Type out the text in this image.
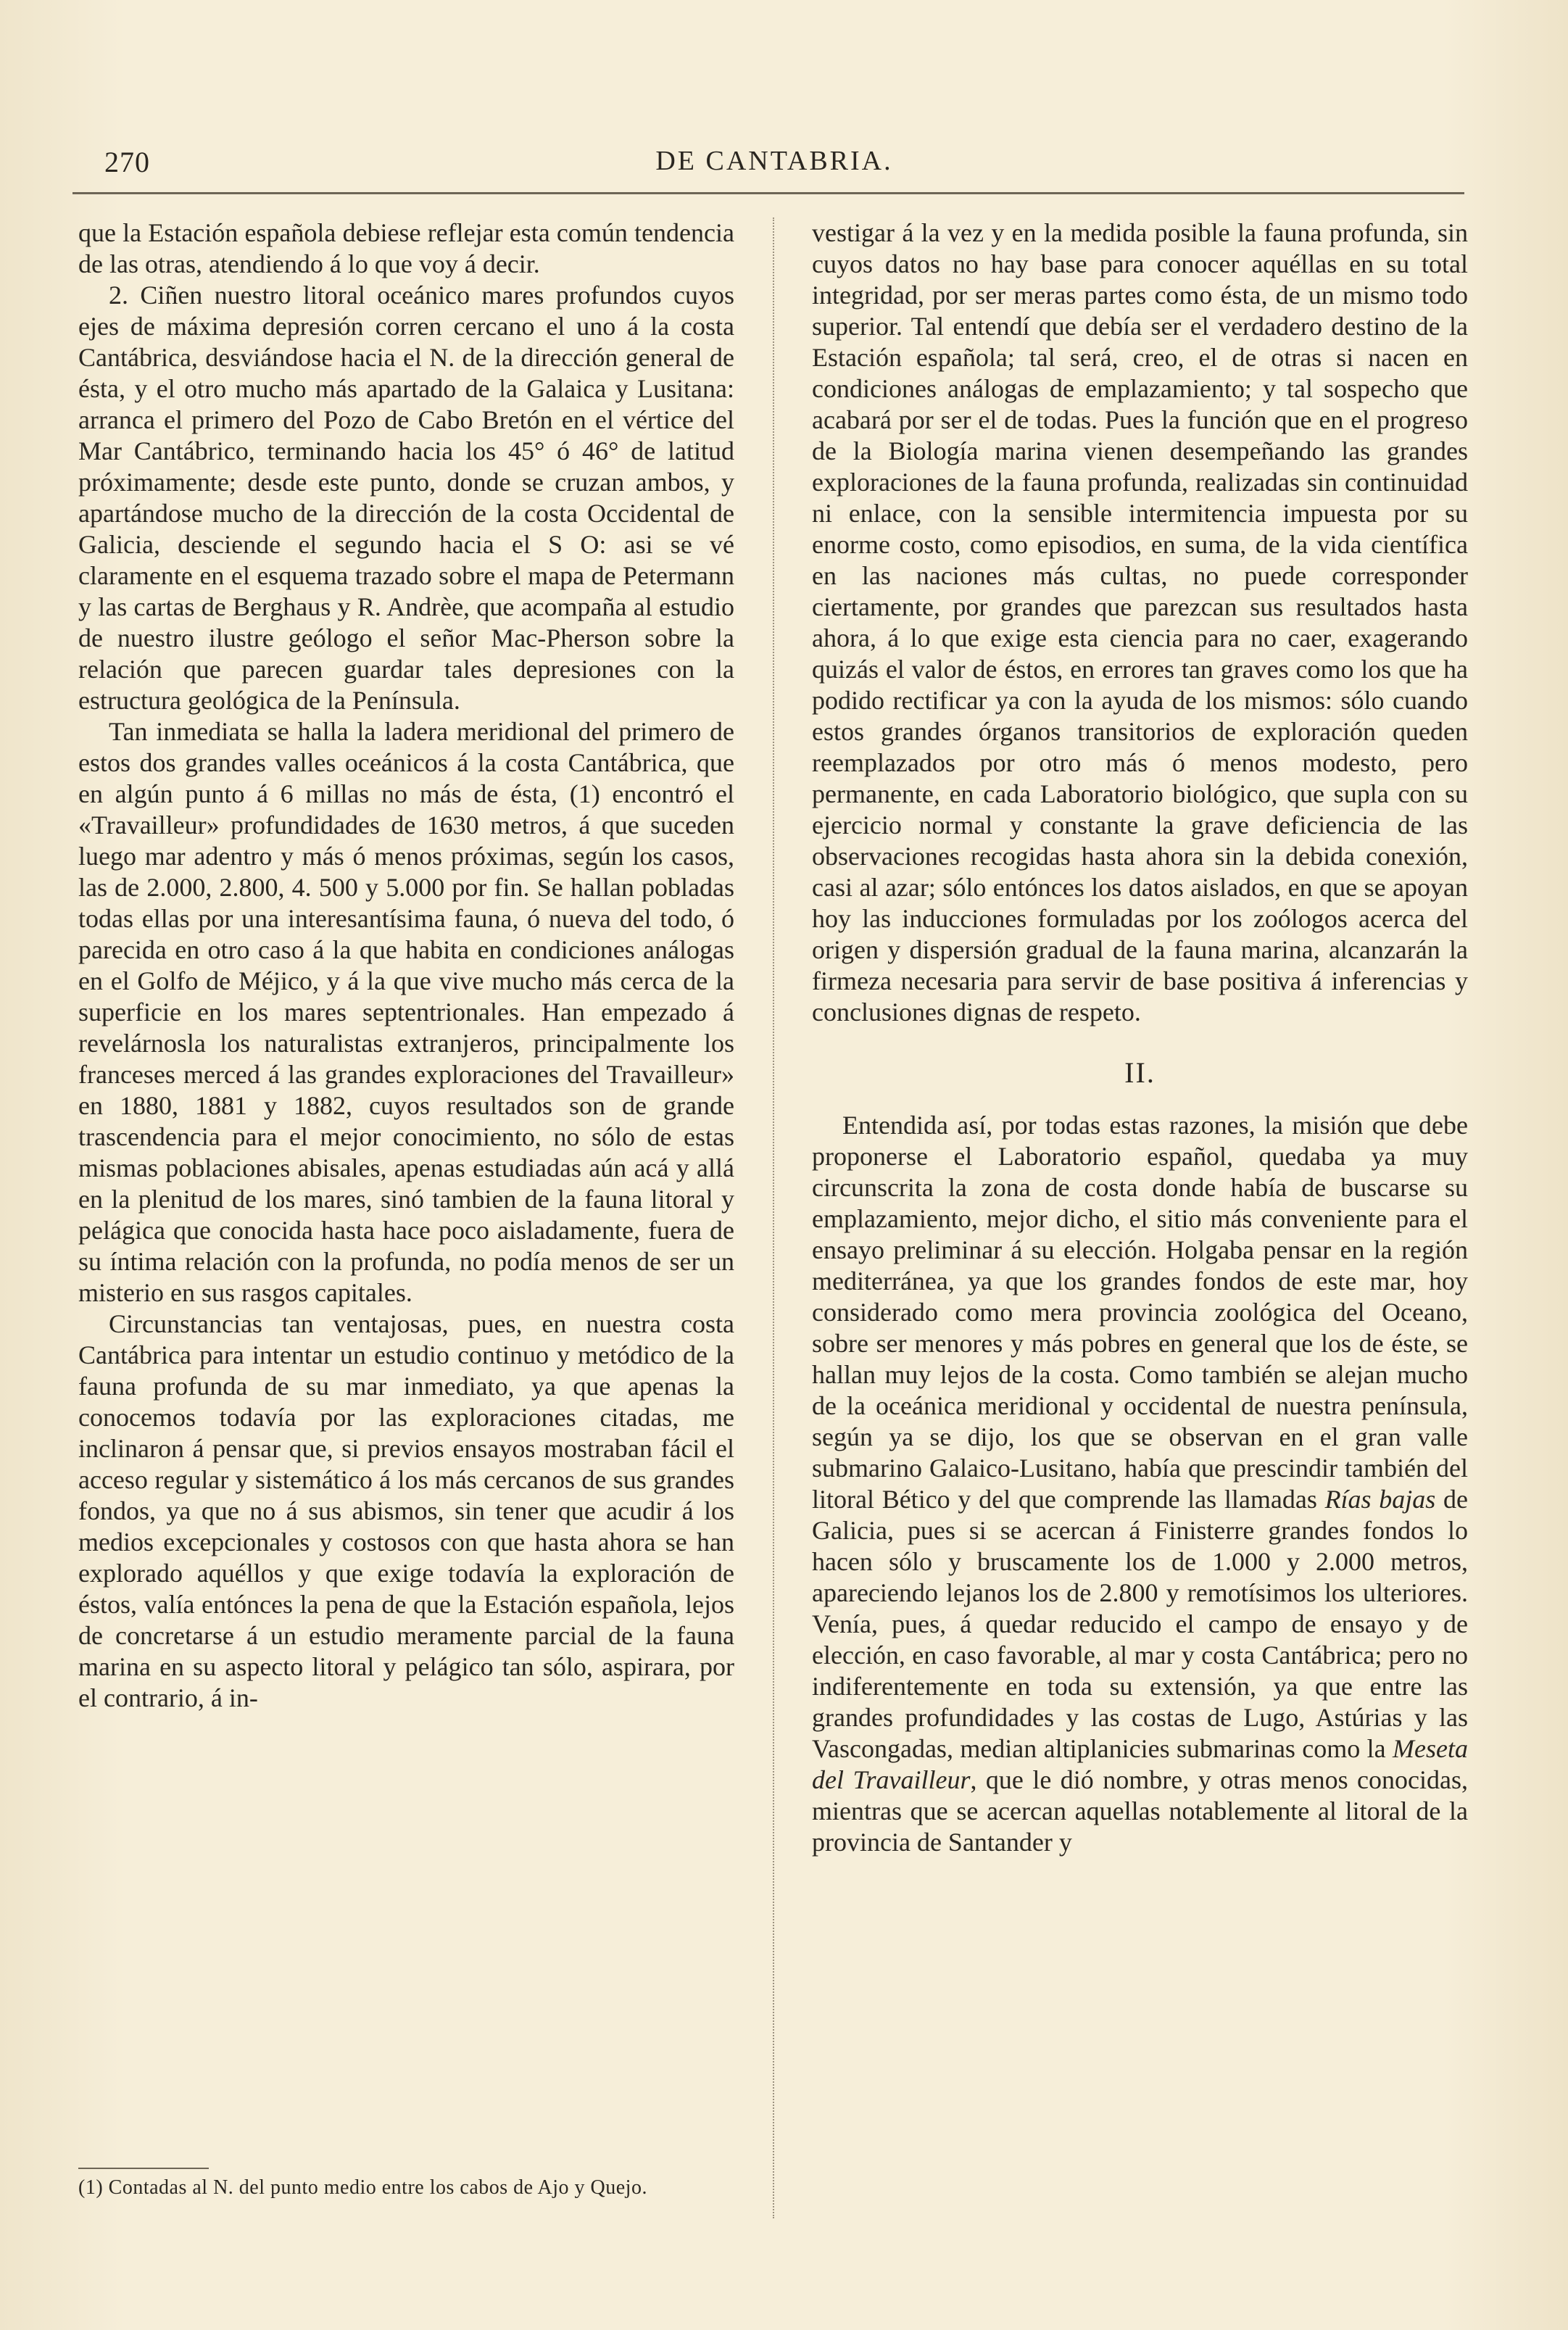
270	DE CANTABRIA.

que la Estación española debiese reflejar esta común tendencia de las otras, atendiendo á lo que voy á decir.

2. Ciñen nuestro litoral oceánico mares profundos cuyos ejes de máxima depresión corren cercano el uno á la costa Cantábrica, desviándose hacia el N. de la dirección general de ésta, y el otro mucho más apartado de la Galaica y Lusitana: arranca el primero del Pozo de Cabo Bretón en el vértice del Mar Cantábrico, terminando hacia los 45° ó 46° de latitud próximamente; desde este punto, donde se cruzan ambos, y apartándose mucho de la dirección de la costa Occidental de Galicia, desciende el segundo hacia el S O: asi se vé claramente en el esquema trazado sobre el mapa de Petermann y las cartas de Berghaus y R. Andrèe, que acompaña al estudio de nuestro ilustre geólogo el señor Mac-Pherson sobre la relación que parecen guardar tales depresiones con la estructura geológica de la Península.

Tan inmediata se halla la ladera meridional del primero de estos dos grandes valles oceánicos á la costa Cantábrica, que en algún punto á 6 millas no más de ésta, (1) encontró el «Travailleur» profundidades de 1630 metros, á que suceden luego mar adentro y más ó menos próximas, según los casos, las de 2.000, 2.800, 4. 500 y 5.000 por fin. Se hallan pobladas todas ellas por una interesantísima fauna, ó nueva del todo, ó parecida en otro caso á la que habita en condiciones análogas en el Golfo de Méjico, y á la que vive mucho más cerca de la superficie en los mares septentrionales. Han empezado á revelárnosla los naturalistas extranjeros, principalmente los franceses merced á las grandes exploraciones del Travailleur» en 1880, 1881 y 1882, cuyos resultados son de grande trascendencia para el mejor conocimiento, no sólo de estas mismas poblaciones abisales, apenas estudiadas aún acá y allá en la plenitud de los mares, sinó tambien de la fauna litoral y pelágica que conocida hasta hace poco aisladamente, fuera de su íntima relación con la profunda, no podía menos de ser un misterio en sus rasgos capitales.

Circunstancias tan ventajosas, pues, en nuestra costa Cantábrica para intentar un estudio continuo y metódico de la fauna profunda de su mar inmediato, ya que apenas la conocemos todavía por las exploraciones citadas, me inclinaron á pensar que, si previos ensayos mostraban fácil el acceso regular y sistemático á los más cercanos de sus grandes fondos, ya que no á sus abismos, sin tener que acudir á los medios excepcionales y costosos con que hasta ahora se han explorado aquéllos y que exige todavía la exploración de éstos, valía entónces la pena de que la Estación española, lejos de concretarse á un estudio meramente parcial de la fauna marina en su aspecto litoral y pelágico tan sólo, aspirara, por el contrario, á in-

vestigar á la vez y en la medida posible la fauna profunda, sin cuyos datos no hay base para conocer aquéllas en su total integridad, por ser meras partes como ésta, de un mismo todo superior. Tal entendí que debía ser el verdadero destino de la Estación española; tal será, creo, el de otras si nacen en condiciones análogas de emplazamiento; y tal sospecho que acabará por ser el de todas. Pues la función que en el progreso de la Biología marina vienen desempeñando las grandes exploraciones de la fauna profunda, realizadas sin continuidad ni enlace, con la sensible intermitencia impuesta por su enorme costo, como episodios, en suma, de la vida científica en las naciones más cultas, no puede corresponder ciertamente, por grandes que parezcan sus resultados hasta ahora, á lo que exige esta ciencia para no caer, exagerando quizás el valor de éstos, en errores tan graves como los que ha podido rectificar ya con la ayuda de los mismos: sólo cuando estos grandes órganos transitorios de exploración queden reemplazados por otro más ó menos modesto, pero permanente, en cada Laboratorio biológico, que supla con su ejercicio normal y constante la grave deficiencia de las observaciones recogidas hasta ahora sin la debida conexión, casi al azar; sólo entónces los datos aislados, en que se apoyan hoy las inducciones formuladas por los zoólogos acerca del origen y dispersión gradual de la fauna marina, alcanzarán la firmeza necesaria para servir de base positiva á inferencias y conclusiones dignas de respeto.

II.

Entendida así, por todas estas razones, la misión que debe proponerse el Laboratorio español, quedaba ya muy circunscrita la zona de costa donde había de buscarse su emplazamiento, mejor dicho, el sitio más conveniente para el ensayo preliminar á su elección. Holgaba pensar en la región mediterránea, ya que los grandes fondos de este mar, hoy considerado como mera provincia zoológica del Oceano, sobre ser menores y más pobres en general que los de éste, se hallan muy lejos de la costa. Como también se alejan mucho de la oceánica meridional y occidental de nuestra península, según ya se dijo, los que se observan en el gran valle submarino Galaico-Lusitano, había que prescindir también del litoral Bético y del que comprende las llamadas Rías bajas de Galicia, pues si se acercan á Finisterre grandes fondos lo hacen sólo y bruscamente los de 1.000 y 2.000 metros, apareciendo lejanos los de 2.800 y remotísimos los ulteriores. Venía, pues, á quedar reducido el campo de ensayo y de elección, en caso favorable, al mar y costa Cantábrica; pero no indiferentemente en toda su extensión, ya que entre las grandes profundidades y las costas de Lugo, Astúrias y las Vascongadas, median altiplanicies submarinas como la Meseta del Travailleur, que le dió nombre, y otras menos conocidas, mientras que se acercan aquellas notablemente al litoral de la provincia de Santander y

(1) Contadas al N. del punto medio entre los cabos de Ajo y Quejo.
